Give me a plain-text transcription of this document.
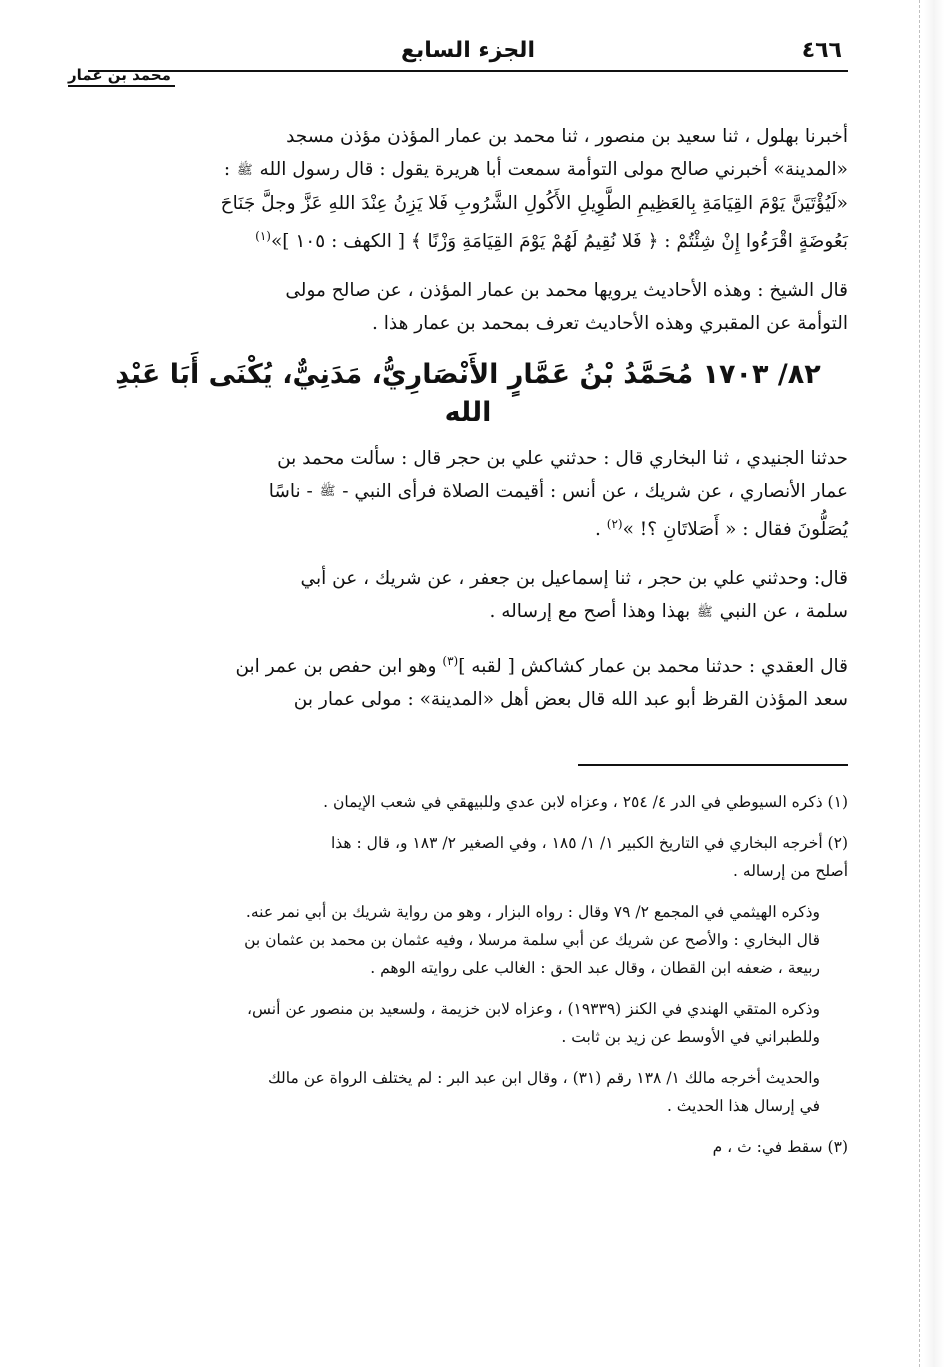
٤٦٦
الجزء السابع
محمد بن عمار

أخبرنا بهلول ، ثنا سعيد بن منصور ، ثنا محمد بن عمار المؤذن مؤذن مسجد

«المدينة» أخبرني صالح مولى التوأمة سمعت أبا هريرة يقول : قال رسول الله ﷺ :

«لَيُؤْتَيَنَّ يَوْمَ القِيَامَةِ بِالعَظِيمِ الطَّوِيلِ الأَكُولِ الشَّرُوبِ فَلا يَزِنُ عِنْدَ اللهِ عَزَّ وجلَّ جَنَاحَ

بَعُوضَةٍ اقْرَءُوا إِنْ شِئْتُمْ : ﴿ فَلا نُقِيمُ لَهُمْ يَوْمَ القِيَامَةِ وَزْنًا ﴾ [ الكهف : ١٠٥ ]»$^{(١)}$

قال الشيخ : وهذه الأحاديث يرويها محمد بن عمار المؤذن ، عن صالح مولى

التوأمة عن المقبري وهذه الأحاديث تعرف بمحمد بن عمار هذا .

٨٢/ ١٧٠٣ مُحَمَّدُ بْنُ عَمَّارٍ الأَنْصَارِيُّ، مَدَنِيٌّ، يُكْنَى أَبَا عَبْدِ الله

حدثنا الجنيدي ، ثنا البخاري قال : حدثني علي بن حجر قال : سألت محمد بن

عمار الأنصاري ، عن شريك ، عن أنس : أقيمت الصلاة فرأى النبي - ﷺ - ناسًا

يُصَلُّونَ فقال : « أَصَلاتَانِ ؟! »$^{(٢)}$ .

قال: وحدثني علي بن حجر ، ثنا إسماعيل بن جعفر ، عن شريك ، عن أبي

سلمة ، عن النبي ﷺ بهذا وهذا أصح مع إرساله .

قال العقدي : حدثنا محمد بن عمار كشاكش [ لقبه ]$^{(٣)}$ وهو ابن حفص بن عمر ابن

سعد المؤذن القرظ أبو عبد الله قال بعض أهل «المدينة» : مولى عمار بن

(١) ذكره السيوطي في الدر ٤/ ٢٥٤ ، وعزاه لابن عدي وللبيهقي في شعب الإيمان .
(٢) أخرجه البخاري في التاريخ الكبير ١/ ١/ ١٨٥ ، وفي الصغير ٢/ ١٨٣ و، قال : هذا
أصلح من إرساله .
وذكره الهيثمي في المجمع ٢/ ٧٩ وقال : رواه البزار ، وهو من رواية شريك بن أبي نمر عنه.
قال البخاري : والأصح عن شريك عن أبي سلمة مرسلا ، وفيه عثمان بن محمد بن عثمان بن
ربيعة ، ضعفه ابن القطان ، وقال عبد الحق : الغالب على روايته الوهم .
وذكره المتقي الهندي في الكنز (١٩٣٣٩) ، وعزاه لابن خزيمة ، ولسعيد بن منصور عن أنس،
وللطبراني في الأوسط عن زيد بن ثابت .
والحديث أخرجه مالك ١/ ١٣٨ رقم (٣١) ، وقال ابن عبد البر : لم يختلف الرواة عن مالك
في إرسال هذا الحديث .
(٣) سقط في: ث ، م
